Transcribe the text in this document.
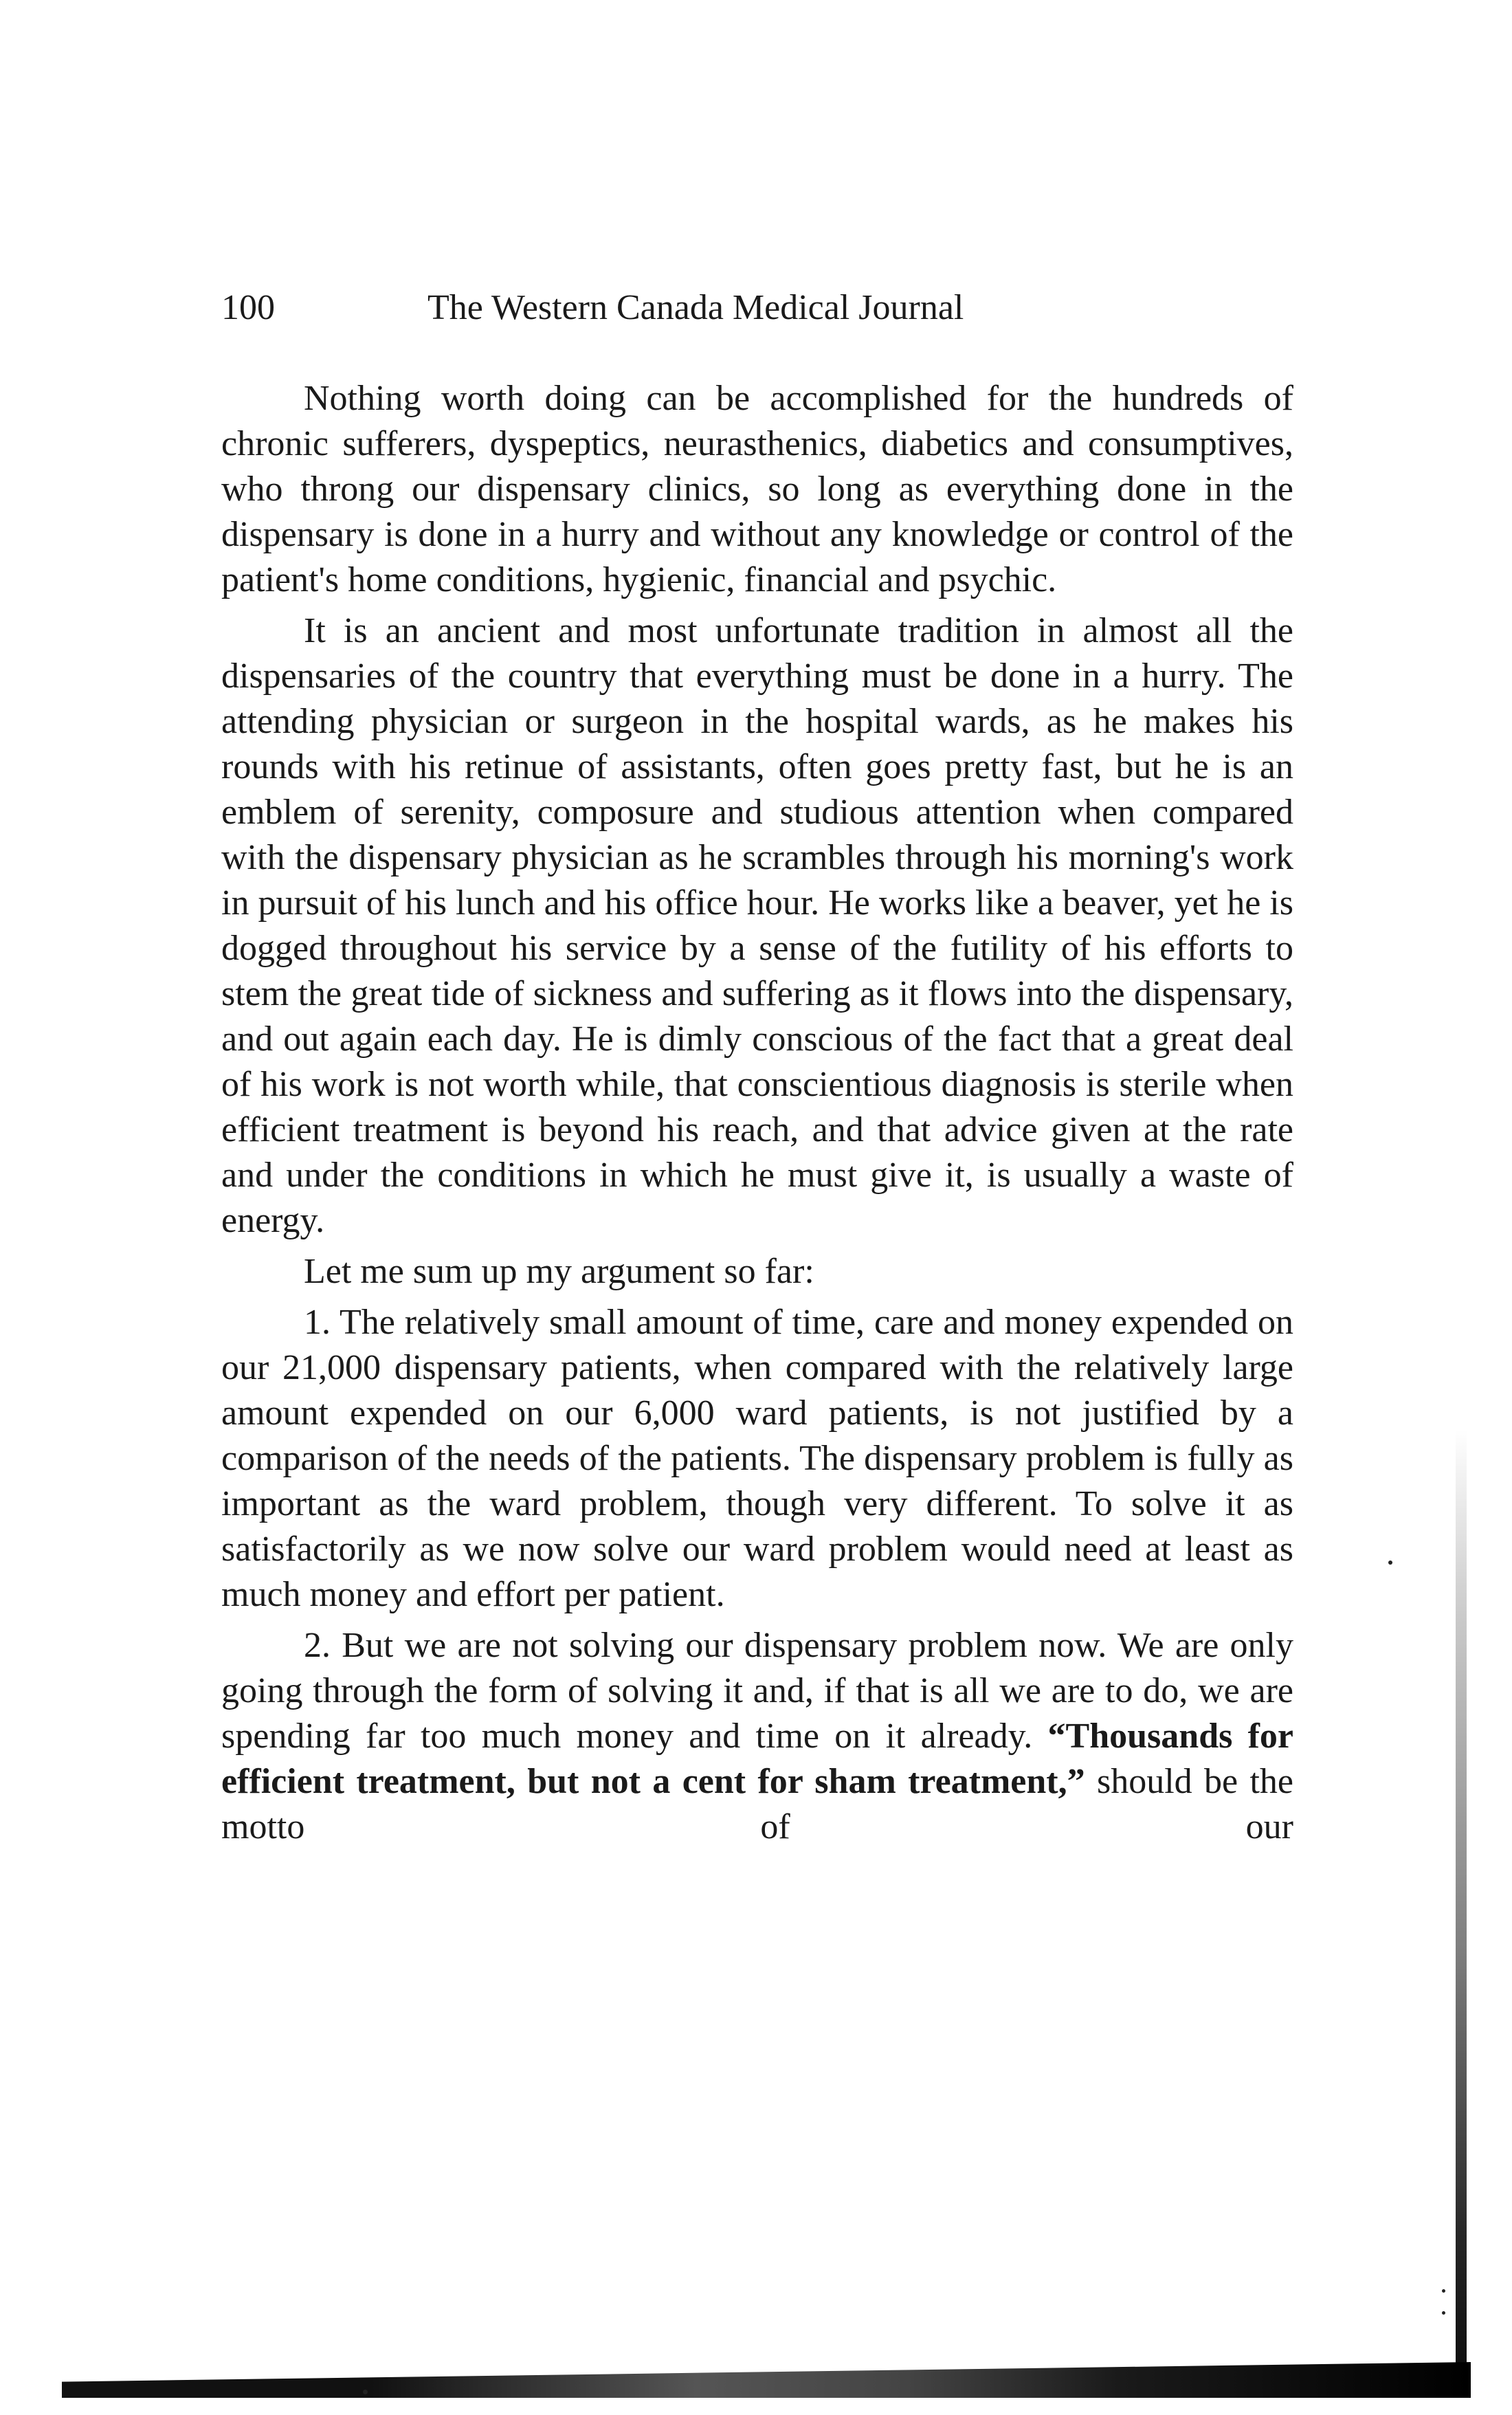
100	The Western Canada Medical Journal

Nothing worth doing can be accomplished for the hundreds of chronic sufferers, dyspeptics, neurasthenics, diabetics and consumptives, who throng our dispensary clinics, so long as everything done in the dispensary is done in a hurry and without any knowledge or control of the patient's home conditions, hygienic, financial and psychic.

It is an ancient and most unfortunate tradition in almost all the dispensaries of the country that everything must be done in a hurry. The attending physician or surgeon in the hospital wards, as he makes his rounds with his retinue of assistants, often goes pretty fast, but he is an emblem of serenity, composure and studious attention when compared with the dispensary physician as he scrambles through his morning's work in pursuit of his lunch and his office hour. He works like a beaver, yet he is dogged throughout his service by a sense of the futility of his efforts to stem the great tide of sickness and suffering as it flows into the dispensary, and out again each day. He is dimly conscious of the fact that a great deal of his work is not worth while, that conscientious diagnosis is sterile when efficient treatment is beyond his reach, and that advice given at the rate and under the conditions in which he must give it, is usually a waste of energy.

Let me sum up my argument so far:

1. The relatively small amount of time, care and money expended on our 21,000 dispensary patients, when compared with the relatively large amount expended on our 6,000 ward patients, is not justified by a comparison of the needs of the patients. The dispensary problem is fully as important as the ward problem, though very different. To solve it as satisfactorily as we now solve our ward problem would need at least as much money and effort per patient.

2. But we are not solving our dispensary problem now. We are only going through the form of solving it and, if that is all we are to do, we are spending far too much money and time on it already. “Thousands for efficient treatment, but not a cent for sham treatment,” should be the motto of our
